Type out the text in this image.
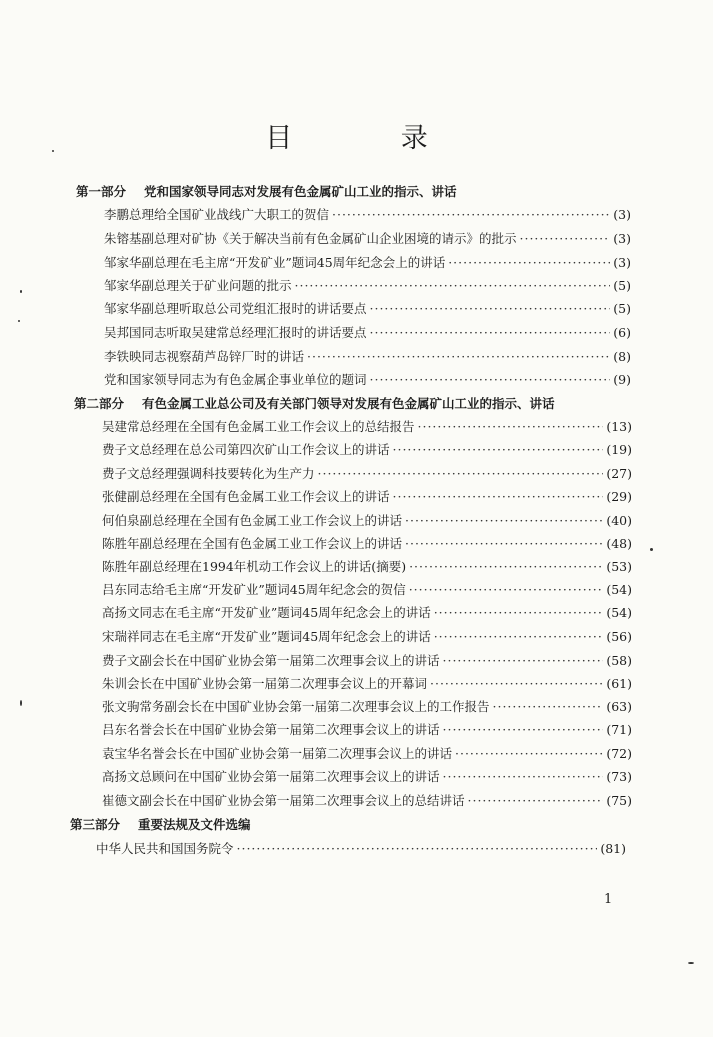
目 录
第一部分 党和国家领导同志对发展有色金属矿山工业的指示、讲话
李鹏总理给全国矿业战线广大职工的贺信 ·····	(3)
朱镕基副总理对矿协《关于解决当前有色金属矿山企业困境的请示》的批示 ·····	(3)
邹家华副总理在毛主席“开发矿业”题词45周年纪念会上的讲话 ·····	(3)
邹家华副总理关于矿业问题的批示 ·····	(5)
邹家华副总理听取总公司党组汇报时的讲话要点 ·····	(5)
吴邦国同志听取吴建常总经理汇报时的讲话要点 ·····	(6)
李铁映同志视察葫芦岛锌厂时的讲话 ·····	(8)
党和国家领导同志为有色金属企事业单位的题词 ·····	(9)
第二部分 有色金属工业总公司及有关部门领导对发展有色金属矿山工业的指示、讲话
吴建常总经理在全国有色金属工业工作会议上的总结报告 ·····	(13)
费子文总经理在总公司第四次矿山工作会议上的讲话 ·····	(19)
费子文总经理强调科技要转化为生产力 ·····	(27)
张健副总经理在全国有色金属工业工作会议上的讲话 ·····	(29)
何伯泉副总经理在全国有色金属工业工作会议上的讲话 ·····	(40)
陈胜年副总经理在全国有色金属工业工作会议上的讲话 ·····	(48)
陈胜年副总经理在1994年机动工作会议上的讲话(摘要) ·····	(53)
吕东同志给毛主席“开发矿业”题词45周年纪念会的贺信 ·····	(54)
高扬文同志在毛主席“开发矿业”题词45周年纪念会上的讲话 ·····	(54)
宋瑞祥同志在毛主席“开发矿业”题词45周年纪念会上的讲话 ·····	(56)
费子文副会长在中国矿业协会第一届第二次理事会议上的讲话 ·····	(58)
朱训会长在中国矿业协会第一届第二次理事会议上的开幕词 ·····	(61)
张文驹常务副会长在中国矿业协会第一届第二次理事会议上的工作报告 ·····	(63)
吕东名誉会长在中国矿业协会第一届第二次理事会议上的讲话 ·····	(71)
袁宝华名誉会长在中国矿业协会第一届第二次理事会议上的讲话 ·····	(72)
高扬文总顾问在中国矿业协会第一届第二次理事会议上的讲话 ·····	(73)
崔德文副会长在中国矿业协会第一届第二次理事会议上的总结讲话 ·····	(75)
第三部分 重要法规及文件选编
中华人民共和国国务院令 ·····	(81)
1
